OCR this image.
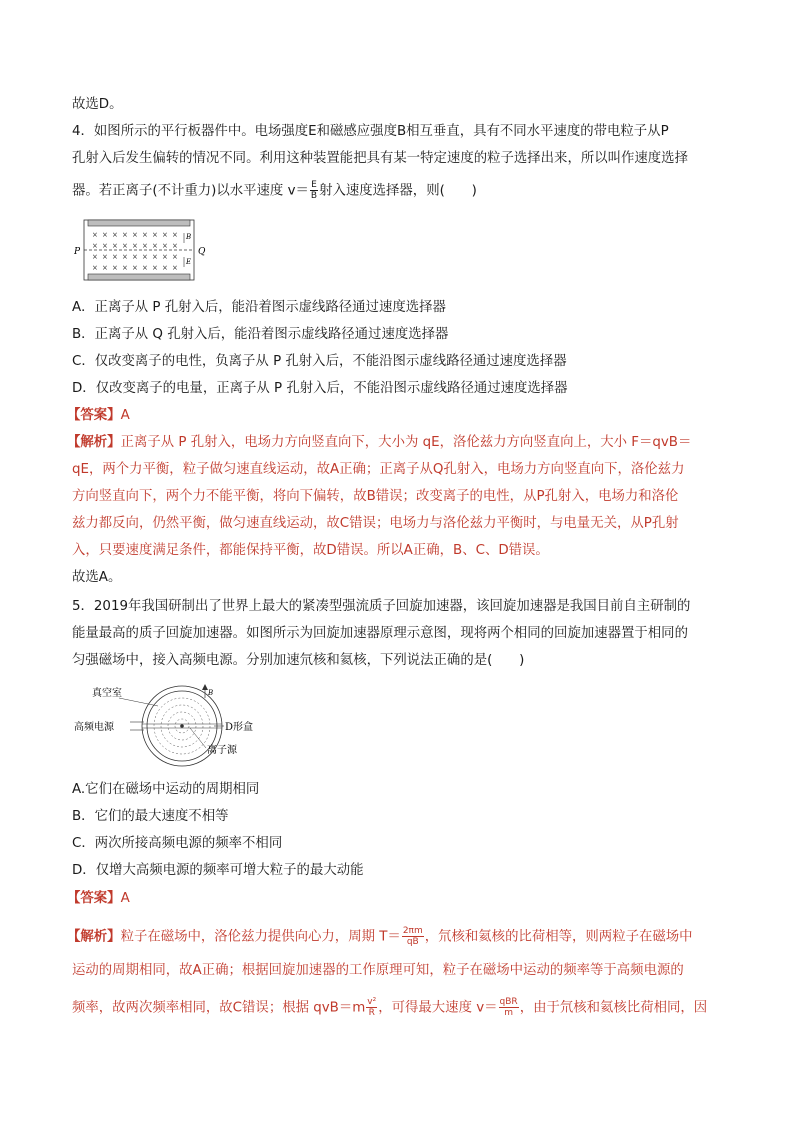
故选D。
4．如图所示的平行板器件中。电场强度E和磁感应强度B相互垂直，具有不同水平速度的带电粒子从P
孔射入后发生偏转的情况不同。利用这种装置能把具有某一特定速度的粒子选择出来，所以叫作速度选择
器。若正离子(不计重力)以水平速度 $v= \frac{E}{B}$ 射入速度选择器，则(　　)
× × × × × × × × ×
× × × × × × × × ×
× × × × × × × × ×
× × × × × × × × ×
P	Q
B
E
A．正离子从 P 孔射入后，能沿着图示虚线路径通过速度选择器
B．正离子从 Q 孔射入后，能沿着图示虚线路径通过速度选择器
C．仅改变离子的电性，负离子从 P 孔射入后，不能沿图示虚线路径通过速度选择器
D．仅改变离子的电量，正离子从 P 孔射入后，不能沿图示虚线路径通过速度选择器
【答案】A
【解析】正离子从 P 孔射入，电场力方向竖直向下，大小为 qE，洛伦兹力方向竖直向上，大小 F＝qvB＝
qE，两个力平衡，粒子做匀速直线运动，故A正确；正离子从Q孔射入，电场力方向竖直向下，洛伦兹力
方向竖直向下，两个力不能平衡，将向下偏转，故B错误；改变离子的电性，从P孔射入，电场力和洛伦
兹力都反向，仍然平衡，做匀速直线运动，故C错误；电场力与洛伦兹力平衡时，与电量无关，从P孔射
入，只要速度满足条件，都能保持平衡，故D错误。所以A正确，B、C、D错误。
故选A。
5．2019年我国研制出了世界上最大的紧凑型强流质子回旋加速器，该回旋加速器是我国目前自主研制的
能量最高的质子回旋加速器。如图所示为回旋加速器原理示意图，现将两个相同的回旋加速器置于相同的
匀强磁场中，接入高频电源。分别加速氘核和氦核，下列说法正确的是(　　)
真空室
高频电源	D形盒
离子源
B
A.它们在磁场中运动的周期相同
B．它们的最大速度不相等
C．两次所接高频电源的频率不相同
D．仅增大高频电源的频率可增大粒子的最大动能
【答案】A
【解析】粒子在磁场中，洛伦兹力提供向心力，周期 $T= \frac{2\pi m}{qB}$ ，氘核和氦核的比荷相等，则两粒子在磁场中
运动的周期相同，故A正确；根据回旋加速器的工作原理可知，粒子在磁场中运动的频率等于高频电源的
频率，故两次频率相同，故C错误；根据 $qvB=m \frac{\text{v²}}{R}$ ，可得最大速度 $v= \frac{\text{qBR}}{m}$ ，由于氘核和氦核比荷相同，因
